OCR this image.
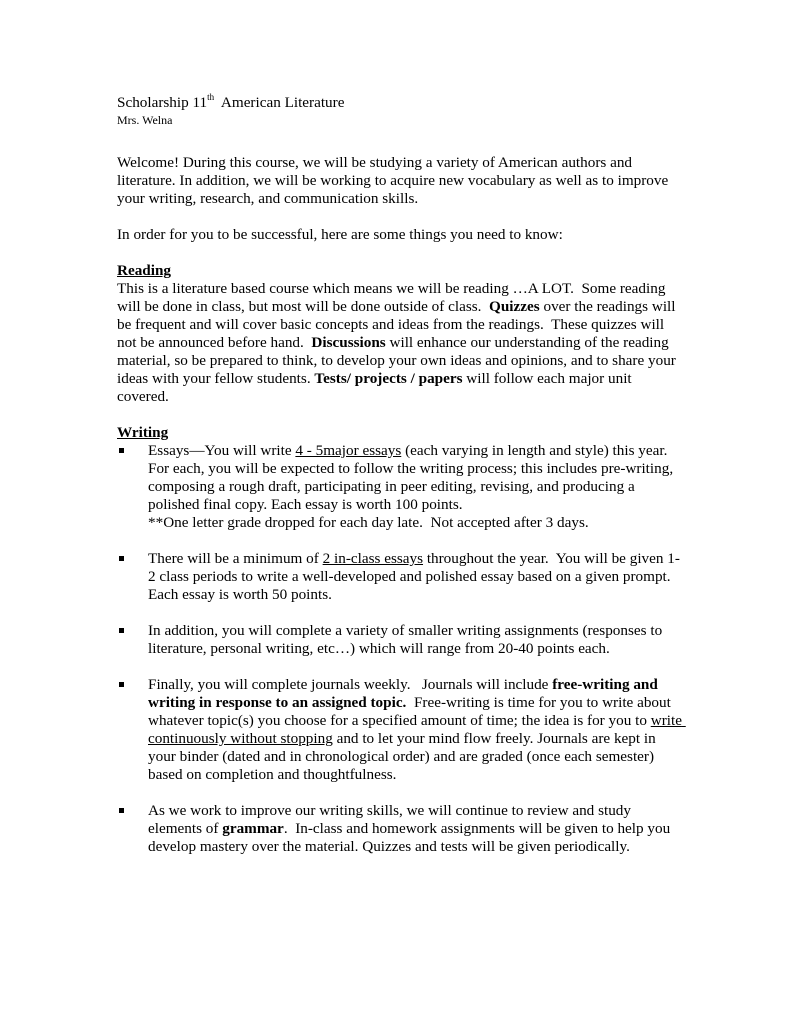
Scholarship 11th  American Literature
Mrs. Welna

Welcome! During this course, we will be studying a variety of American authors and literature. In addition, we will be working to acquire new vocabulary as well as to improve your writing, research, and communication skills.

In order for you to be successful, here are some things you need to know:

Reading

This is a literature based course which means we will be reading …A LOT.  Some reading will be done in class, but most will be done outside of class.  Quizzes over the readings will be frequent and will cover basic concepts and ideas from the readings.  These quizzes will not be announced before hand.  Discussions will enhance our understanding of the reading material, so be prepared to think, to develop your own ideas and opinions, and to share your ideas with your fellow students. Tests/ projects / papers will follow each major unit covered.

Writing
Essays—You will write 4 - 5major essays (each varying in length and style) this year. For each, you will be expected to follow the writing process; this includes pre-writing, composing a rough draft, participating in peer editing, revising, and producing a polished final copy. Each essay is worth 100 points.
**One letter grade dropped for each day late.  Not accepted after 3 days.
There will be a minimum of 2 in-class essays throughout the year.  You will be given 1-2 class periods to write a well-developed and polished essay based on a given prompt.   Each essay is worth 50 points.
In addition, you will complete a variety of smaller writing assignments (responses to literature, personal writing, etc…) which will range from 20-40 points each.
Finally, you will complete journals weekly.   Journals will include free-writing and writing in response to an assigned topic.  Free-writing is time for you to write about whatever topic(s) you choose for a specified amount of time; the idea is for you to write continuously without stopping and to let your mind flow freely. Journals are kept in your binder (dated and in chronological order) and are graded (once each semester) based on completion and thoughtfulness.
As we work to improve our writing skills, we will continue to review and study elements of grammar.  In-class and homework assignments will be given to help you develop mastery over the material. Quizzes and tests will be given periodically.
